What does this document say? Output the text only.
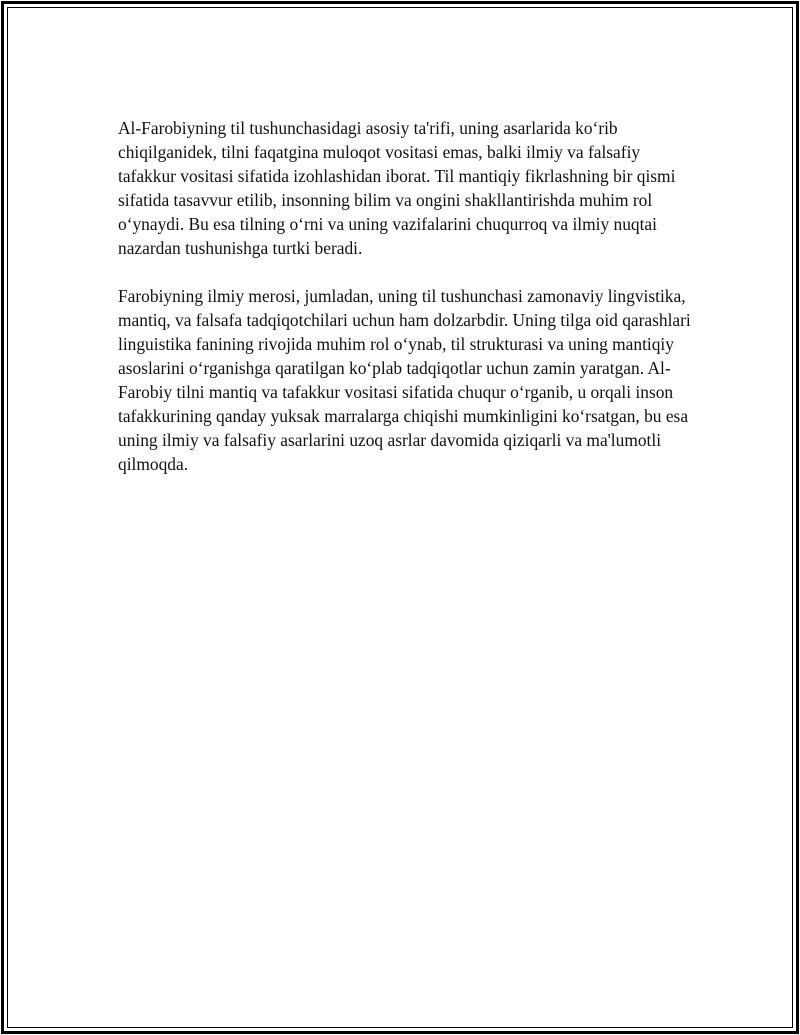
Al-Farobiyning til tushunchasidagi asosiy ta'rifi, uning asarlarida ko‘rib chiqilganidek, tilni faqatgina muloqot vositasi emas, balki ilmiy va falsafiy tafakkur vositasi sifatida izohlashidan iborat. Til mantiqiy fikrlashning bir qismi sifatida tasavvur etilib, insonning bilim va ongini shakllantirishda muhim rol o‘ynaydi. Bu esa tilning o‘rni va uning vazifalarini chuqurroq va ilmiy nuqtai nazardan tushunishga turtki beradi.

Farobiyning ilmiy merosi, jumladan, uning til tushunchasi zamonaviy lingvistika, mantiq, va falsafa tadqiqotchilari uchun ham dolzarbdir. Uning tilga oid qarashlari linguistika fanining rivojida muhim rol o‘ynab, til strukturasi va uning mantiqiy asoslarini o‘rganishga qaratilgan ko‘plab tadqiqotlar uchun zamin yaratgan. Al-Farobiy tilni mantiq va tafakkur vositasi sifatida chuqur o‘rganib, u orqali inson tafakkurining qanday yuksak marralarga chiqishi mumkinligini ko‘rsatgan, bu esa uning ilmiy va falsafiy asarlarini uzoq asrlar davomida qiziqarli va ma'lumotli qilmoqda.
